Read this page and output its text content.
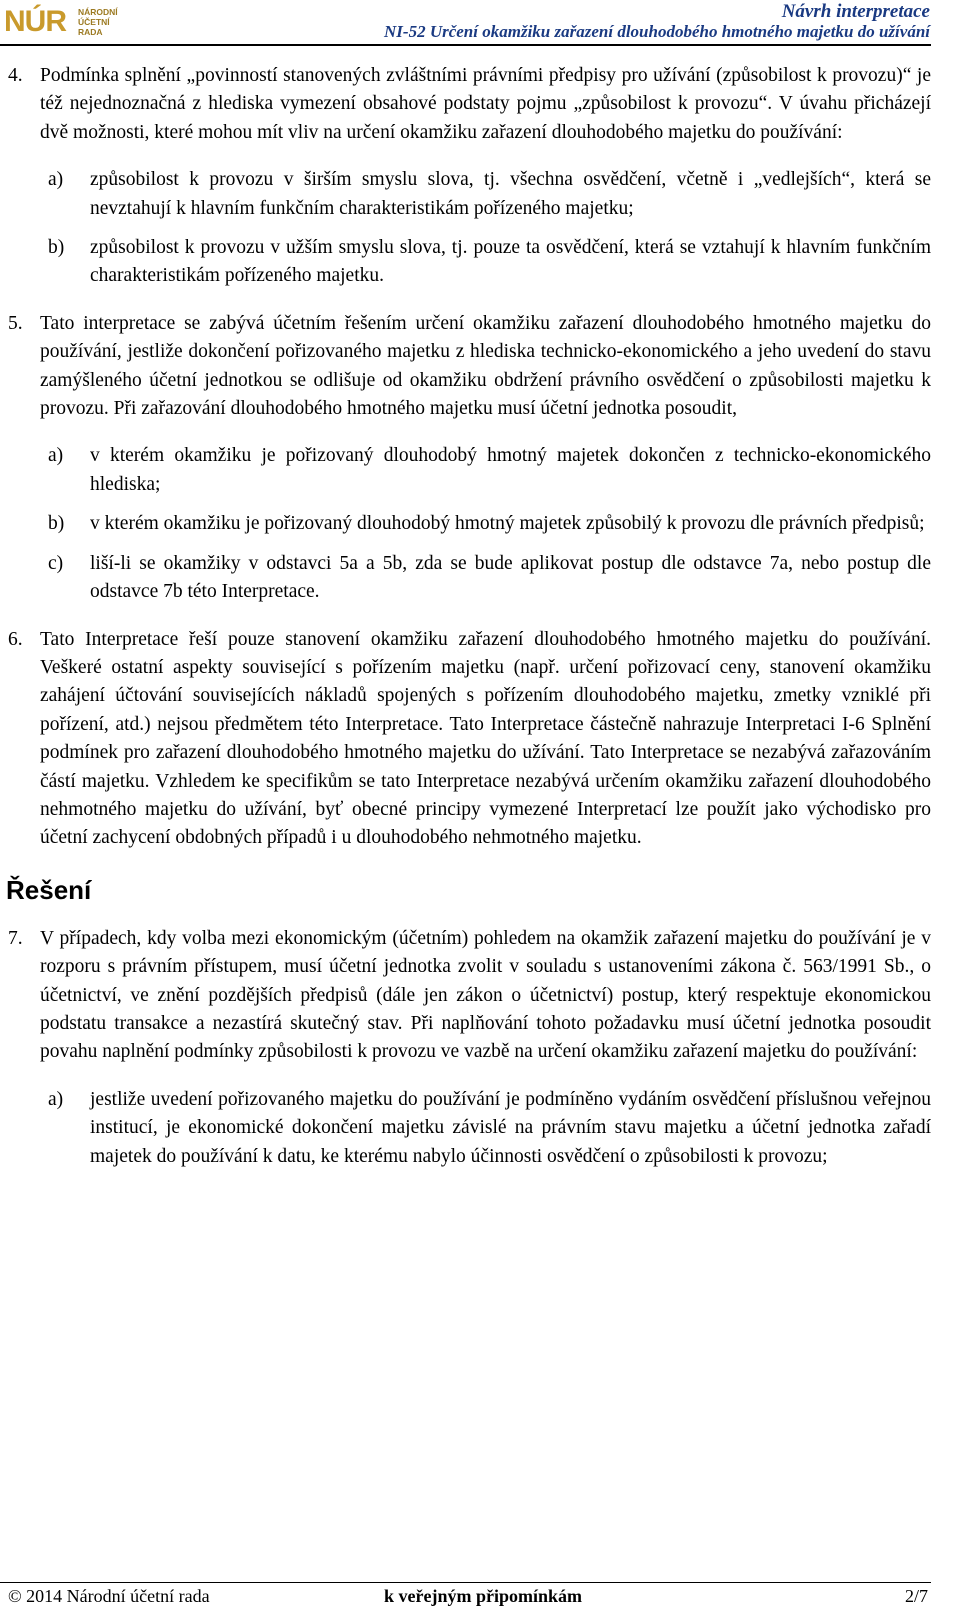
NÚR NÁRODNÍ
ÚČETNÍ
RADA
Návrh interpretace
NI-52 Určení okamžiku zařazení dlouhodobého hmotného majetku do užívání

4. Podmínka splnění „povinností stanovených zvláštními právními předpisy pro užívání (způsobilost k provozu)“ je též nejednoznačná z hlediska vymezení obsahové podstaty pojmu „způsobilost k provozu“. V úvahu přicházejí dvě možnosti, které mohou mít vliv na určení okamžiku zařazení dlouhodobého majetku do používání:

a) způsobilost k provozu v širším smyslu slova, tj. všechna osvědčení, včetně i „vedlejších“, která se nevztahují k hlavním funkčním charakteristikám pořízeného majetku;

b) způsobilost k provozu v užším smyslu slova, tj. pouze ta osvědčení, která se vztahují k hlavním funkčním charakteristikám pořízeného majetku.

5. Tato interpretace se zabývá účetním řešením určení okamžiku zařazení dlouhodobého hmotného majetku do používání, jestliže dokončení pořizovaného majetku z hlediska technicko-ekonomického a jeho uvedení do stavu zamýšleného účetní jednotkou se odlišuje od okamžiku obdržení právního osvědčení o způsobilosti majetku k provozu. Při zařazování dlouhodobého hmotného majetku musí účetní jednotka posoudit,

a) v kterém okamžiku je pořizovaný dlouhodobý hmotný majetek dokončen z technicko-ekonomického hlediska;

b) v kterém okamžiku je pořizovaný dlouhodobý hmotný majetek způsobilý k provozu dle právních předpisů;

c) liší-li se okamžiky v odstavci 5a a 5b, zda se bude aplikovat postup dle odstavce 7a, nebo postup dle odstavce 7b této Interpretace.

6. Tato Interpretace řeší pouze stanovení okamžiku zařazení dlouhodobého hmotného majetku do používání. Veškeré ostatní aspekty související s pořízením majetku (např. určení pořizovací ceny, stanovení okamžiku zahájení účtování souvisejících nákladů spojených s pořízením dlouhodobého majetku, zmetky vzniklé při pořízení, atd.) nejsou předmětem této Interpretace. Tato Interpretace částečně nahrazuje Interpretaci I-6 Splnění podmínek pro zařazení dlouhodobého hmotného majetku do užívání. Tato Interpretace se nezabývá zařazováním částí majetku. Vzhledem ke specifikům se tato Interpretace nezabývá určením okamžiku zařazení dlouhodobého nehmotného majetku do užívání, byť obecné principy vymezené Interpretací lze použít jako východisko pro účetní zachycení obdobných případů i u dlouhodobého nehmotného majetku.

Řešení

7. V případech, kdy volba mezi ekonomickým (účetním) pohledem na okamžik zařazení majetku do používání je v rozporu s právním přístupem, musí účetní jednotka zvolit v souladu s ustanoveními zákona č. 563/1991 Sb., o účetnictví, ve znění pozdějších předpisů (dále jen zákon o účetnictví) postup, který respektuje ekonomickou podstatu transakce a nezastírá skutečný stav. Při naplňování tohoto požadavku musí účetní jednotka posoudit povahu naplnění podmínky způsobilosti k provozu ve vazbě na určení okamžiku zařazení majetku do používání:

a) jestliže uvedení pořizovaného majetku do používání je podmíněno vydáním osvědčení příslušnou veřejnou institucí, je ekonomické dokončení majetku závislé na právním stavu majetku a účetní jednotka zařadí majetek do používání k datu, ke kterému nabylo účinnosti osvědčení o způsobilosti k provozu;

© 2014 Národní účetní rada	k veřejným připomínkám	2/7
